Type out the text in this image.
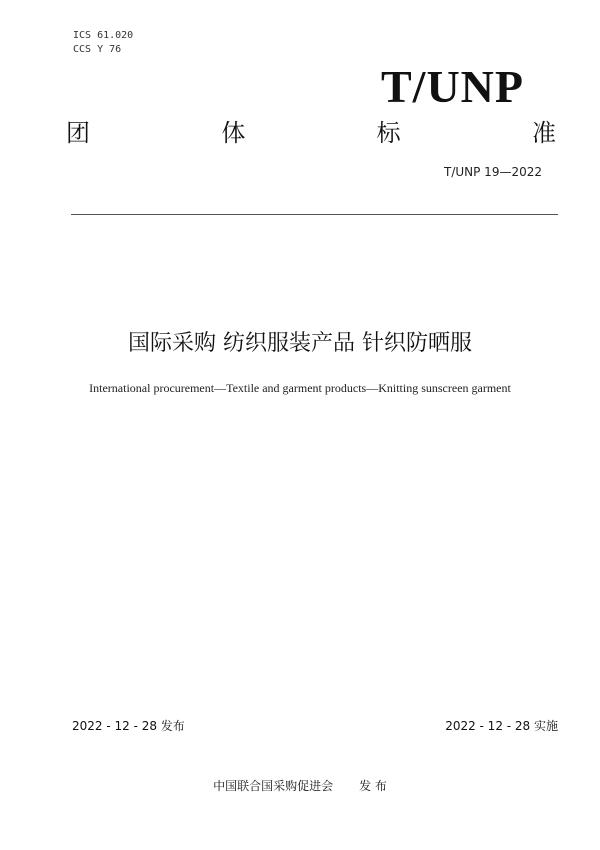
ICS 61.020
CCS Y 76
T/UNP
团	体	标	准
T/UNP 19—2022
国际采购 纺织服装产品 针织防晒服
International procurement—Textile and garment products—Knitting sunscreen garment
2022 - 12 - 28 发布	2022 - 12 - 28 实施
中国联合国采购促进会 发 布
